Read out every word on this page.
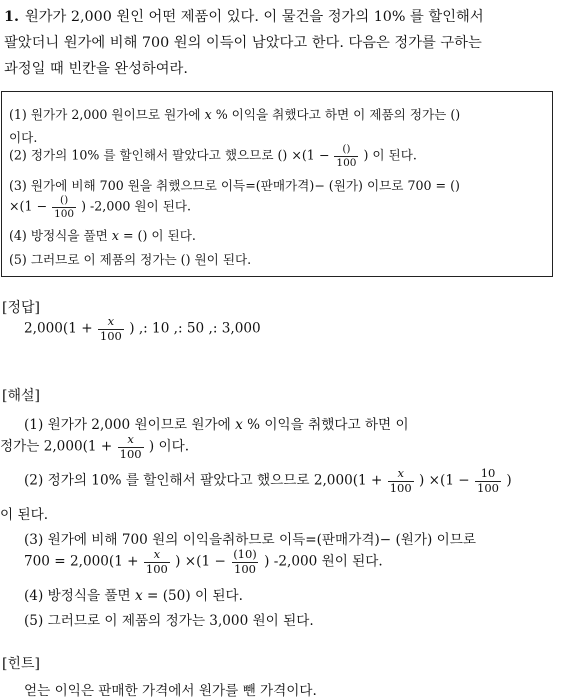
1. 원가가 2,000 원인 어떤 제품이 있다. 이 물건을 정가의 10% 를 할인해서
팔았더니 원가에 비해 700 원의 이득이 남았다고 한다. 다음은 정가를 구하는
과정일 때 빈칸을 완성하여라.
(1) 원가가 2,000 원이므로 원가에 x % 이익을 취했다고 하면 이 제품의 정가는 ()
이다.
(2) 정가의 10% 를 할인해서 팔았다고 했으므로 () $\times(1 - \frac{()}{100}$ ) 이 된다.
(3) 원가에 비해 700 원을 취했으므로 이득=(판매가격)− (원가) 이므로 700 = ()
$\times(1 - \frac{()}{100}$ ) -2,000 원이 된다.
(4) 방정식을 풀면 x = () 이 된다.
(5) 그러므로 이 제품의 정가는 () 원이 된다.
[정답]
$2,000(1 + \frac{x}{100}$ ) ,: 10 ,: 50 ,: 3,000
[해설]
(1) 원가가 2,000 원이므로 원가에 x % 이익을 취했다고 하면 이
정가는 $2,000(1 + \frac{x}{100}$ ) 이다.
(2) 정가의 10% 를 할인해서 팔았다고 했으므로 $2,000(1 + \frac{x}{100}$ ) $\times(1 - \frac{10}{100}$ )
이 된다.
(3) 원가에 비해 700 원의 이익을취하므로 이득=(판매가격)− (원가) 이므로
$700 = 2,000(1 + \frac{x}{100}$ ) $\times(1 - \frac{(10)}{100}$ ) -2,000 원이 된다.
(4) 방정식을 풀면 x = (50) 이 된다.
(5) 그러므로 이 제품의 정가는 3,000 원이 된다.
[힌트]
얻는 이익은 판매한 가격에서 원가를 뺀 가격이다.
